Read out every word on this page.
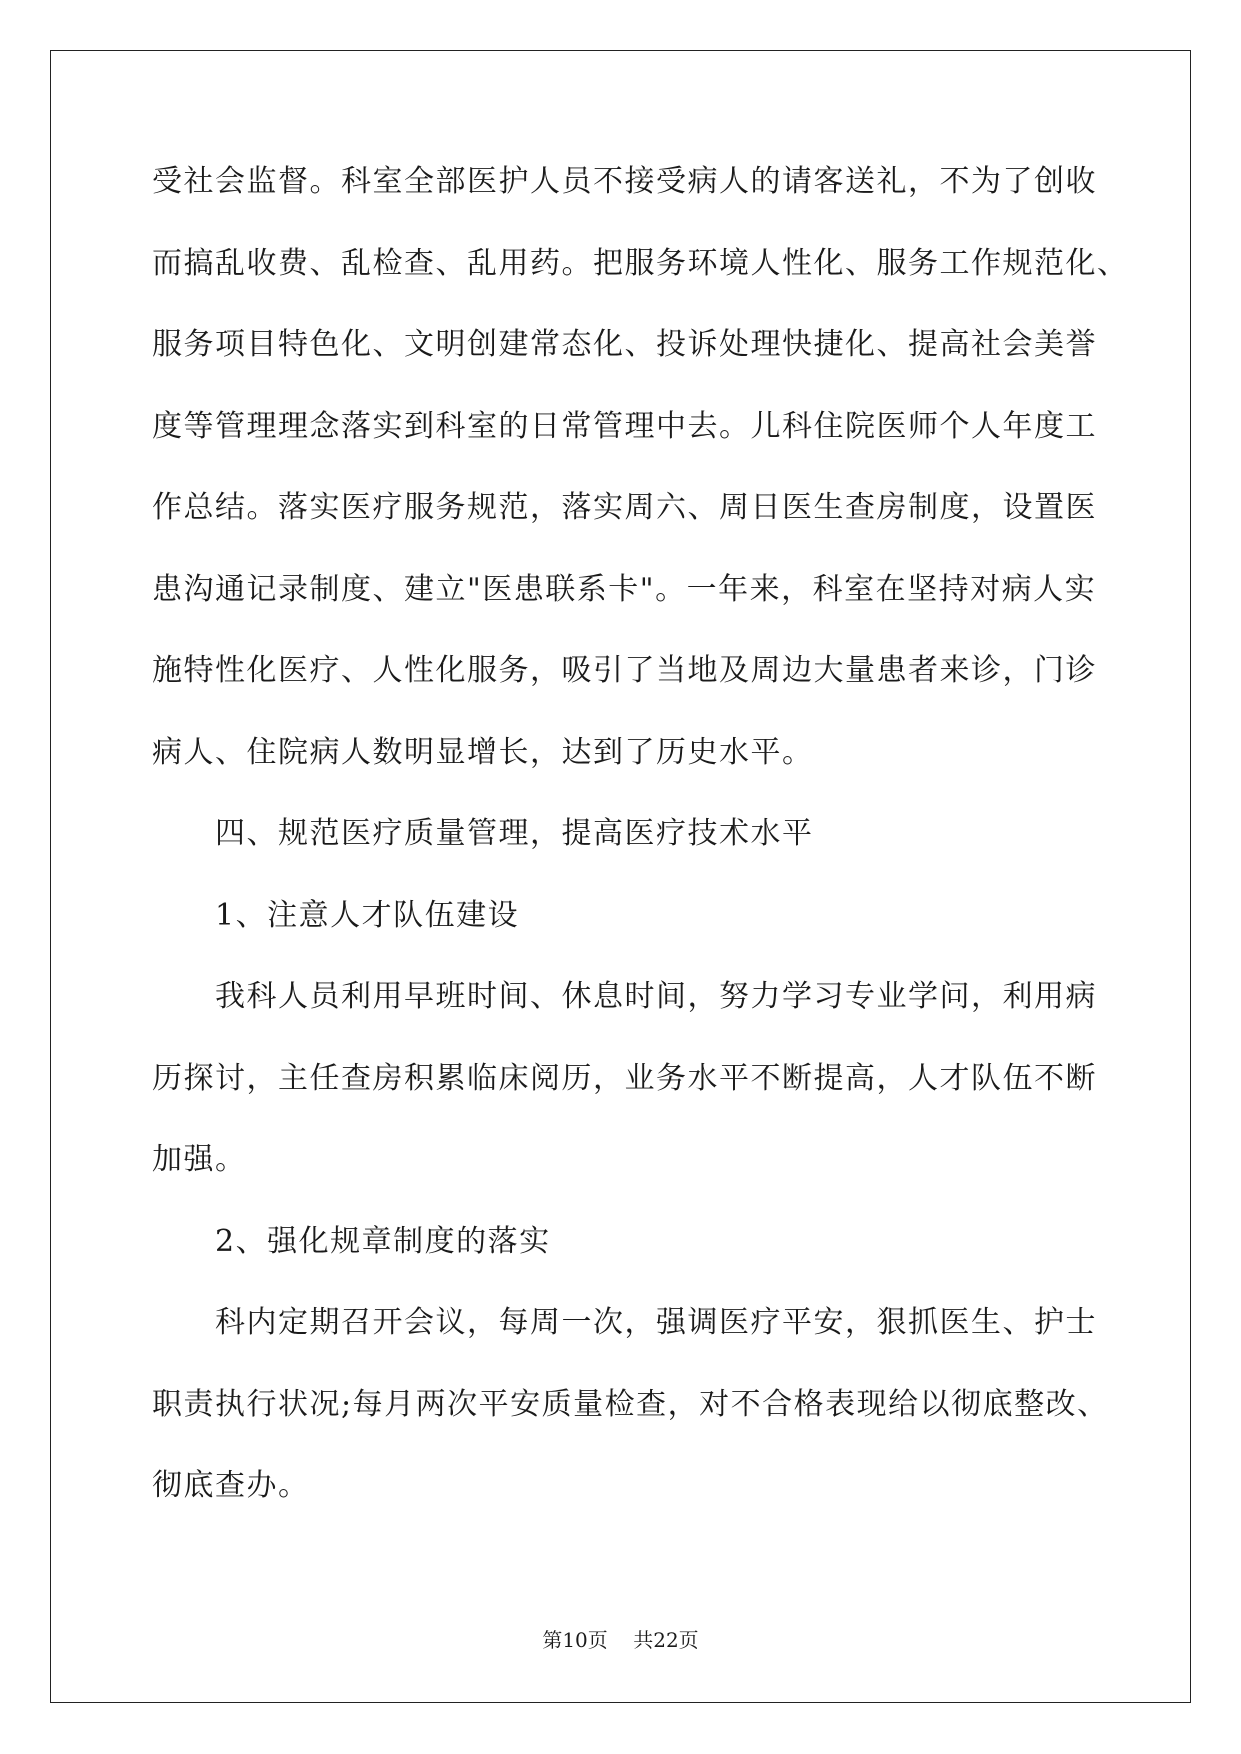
受社会监督。科室全部医护人员不接受病人的请客送礼，不为了创收
而搞乱收费、乱检查、乱用药。把服务环境人性化、服务工作规范化、
服务项目特色化、文明创建常态化、投诉处理快捷化、提高社会美誉
度等管理理念落实到科室的日常管理中去。儿科住院医师个人年度工
作总结。落实医疗服务规范，落实周六、周日医生查房制度，设置医
患沟通记录制度、建立"医患联系卡"。一年来，科室在坚持对病人实
施特性化医疗、人性化服务，吸引了当地及周边大量患者来诊，门诊
病人、住院病人数明显增长，达到了历史水平。
四、规范医疗质量管理，提高医疗技术水平
1、注意人才队伍建设
我科人员利用早班时间、休息时间，努力学习专业学问，利用病
历探讨，主任查房积累临床阅历，业务水平不断提高，人才队伍不断
加强。
2、强化规章制度的落实
科内定期召开会议，每周一次，强调医疗平安，狠抓医生、护士
职责执行状况;每月两次平安质量检查，对不合格表现给以彻底整改、
彻底查办。
第10页 共22页
